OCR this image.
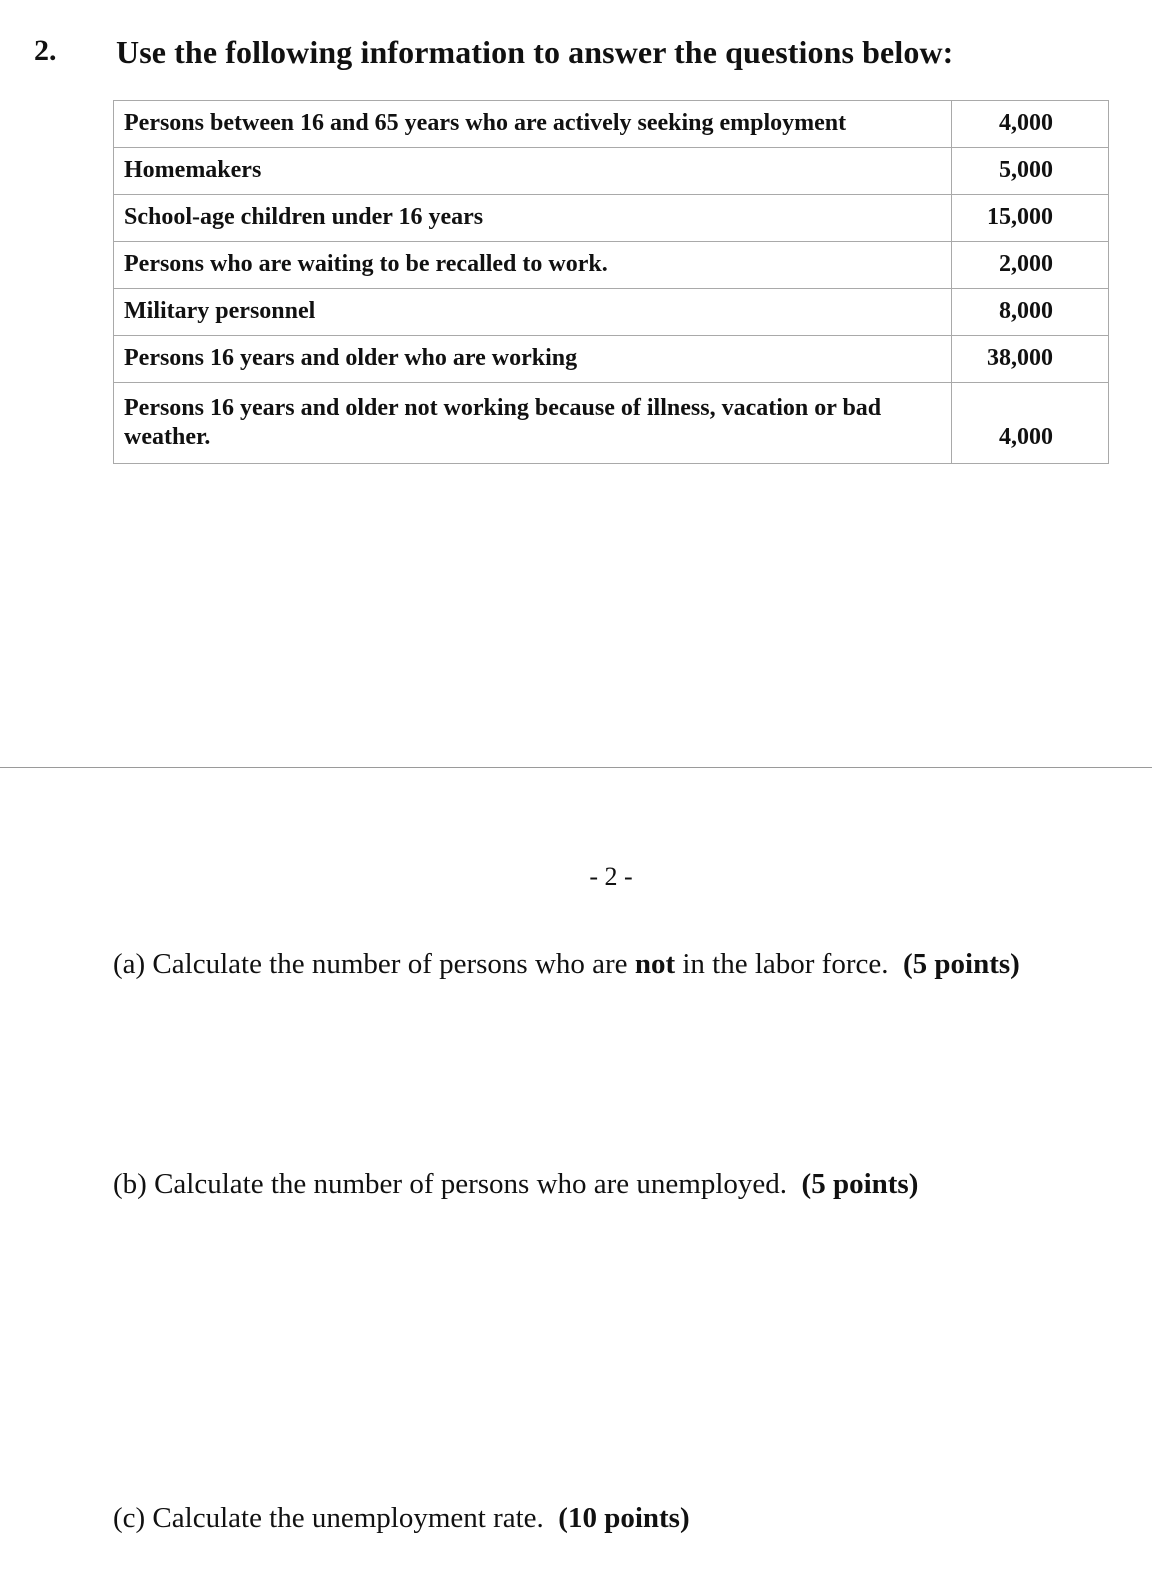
2. Use the following information to answer the questions below:
Persons between 16 and 65 years who are actively seeking employment	4,000
Homemakers	5,000
School-age children under 16 years	15,000
Persons who are waiting to be recalled to work.	2,000
Military personnel	8,000
Persons 16 years and older who are working	38,000
Persons 16 years and older not working because of illness, vacation or bad weather.	4,000
- 2 -
(a) Calculate the number of persons who are not in the labor force.  (5 points)
(b) Calculate the number of persons who are unemployed.  (5 points)
(c) Calculate the unemployment rate.  (10 points)
